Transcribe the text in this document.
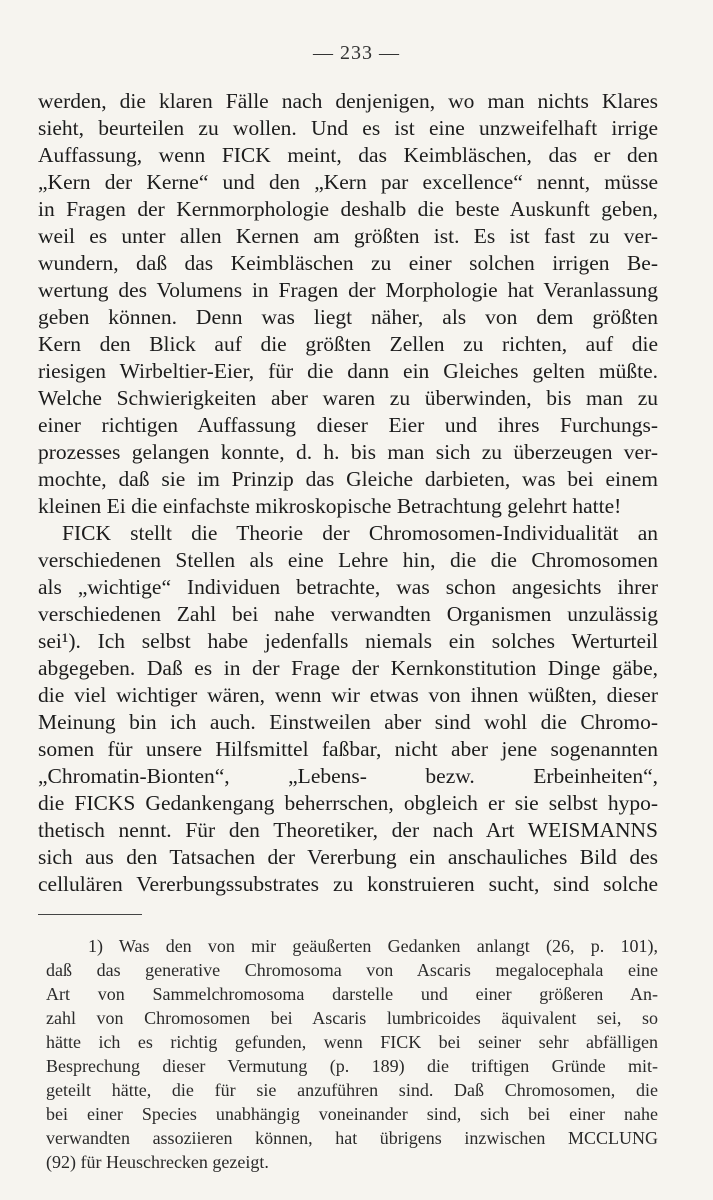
— 233 —

werden, die klaren Fälle nach denjenigen, wo man nichts Klares

sieht, beurteilen zu wollen. Und es ist eine unzweifelhaft irrige

Auffassung, wenn FICK meint, das Keimbläschen, das er den

„Kern der Kerne“ und den „Kern par excellence“ nennt, müsse

in Fragen der Kernmorphologie deshalb die beste Auskunft geben,

weil es unter allen Kernen am größten ist. Es ist fast zu ver-

wundern, daß das Keimbläschen zu einer solchen irrigen Be-

wertung des Volumens in Fragen der Morphologie hat Veranlassung

geben können. Denn was liegt näher, als von dem größten

Kern den Blick auf die größten Zellen zu richten, auf die

riesigen Wirbeltier-Eier, für die dann ein Gleiches gelten müßte.

Welche Schwierigkeiten aber waren zu überwinden, bis man zu

einer richtigen Auffassung dieser Eier und ihres Furchungs-

prozesses gelangen konnte, d. h. bis man sich zu überzeugen ver-

mochte, daß sie im Prinzip das Gleiche darbieten, was bei einem

kleinen Ei die einfachste mikroskopische Betrachtung gelehrt hatte!

FICK stellt die Theorie der Chromosomen-Individualität an

verschiedenen Stellen als eine Lehre hin, die die Chromosomen

als „wichtige“ Individuen betrachte, was schon angesichts ihrer

verschiedenen Zahl bei nahe verwandten Organismen unzulässig

sei¹). Ich selbst habe jedenfalls niemals ein solches Werturteil

abgegeben. Daß es in der Frage der Kernkonstitution Dinge gäbe,

die viel wichtiger wären, wenn wir etwas von ihnen wüßten, dieser

Meinung bin ich auch. Einstweilen aber sind wohl die Chromo-

somen für unsere Hilfsmittel faßbar, nicht aber jene sogenannten

„Chromatin-Bionten“, „Lebens- bezw. Erbeinheiten“,

die FICKS Gedankengang beherrschen, obgleich er sie selbst hypo-

thetisch nennt. Für den Theoretiker, der nach Art WEISMANNS

sich aus den Tatsachen der Vererbung ein anschauliches Bild des

cellulären Vererbungssubstrates zu konstruieren sucht, sind solche

1) Was den von mir geäußerten Gedanken anlangt (26, p. 101),

daß das generative Chromosoma von Ascaris megalocephala eine

Art von Sammelchromosoma darstelle und einer größeren An-

zahl von Chromosomen bei Ascaris lumbricoides äquivalent sei, so

hätte ich es richtig gefunden, wenn FICK bei seiner sehr abfälligen

Besprechung dieser Vermutung (p. 189) die triftigen Gründe mit-

geteilt hätte, die für sie anzuführen sind. Daß Chromosomen, die

bei einer Species unabhängig voneinander sind, sich bei einer nahe

verwandten assoziieren können, hat übrigens inzwischen MCCLUNG

(92) für Heuschrecken gezeigt.
